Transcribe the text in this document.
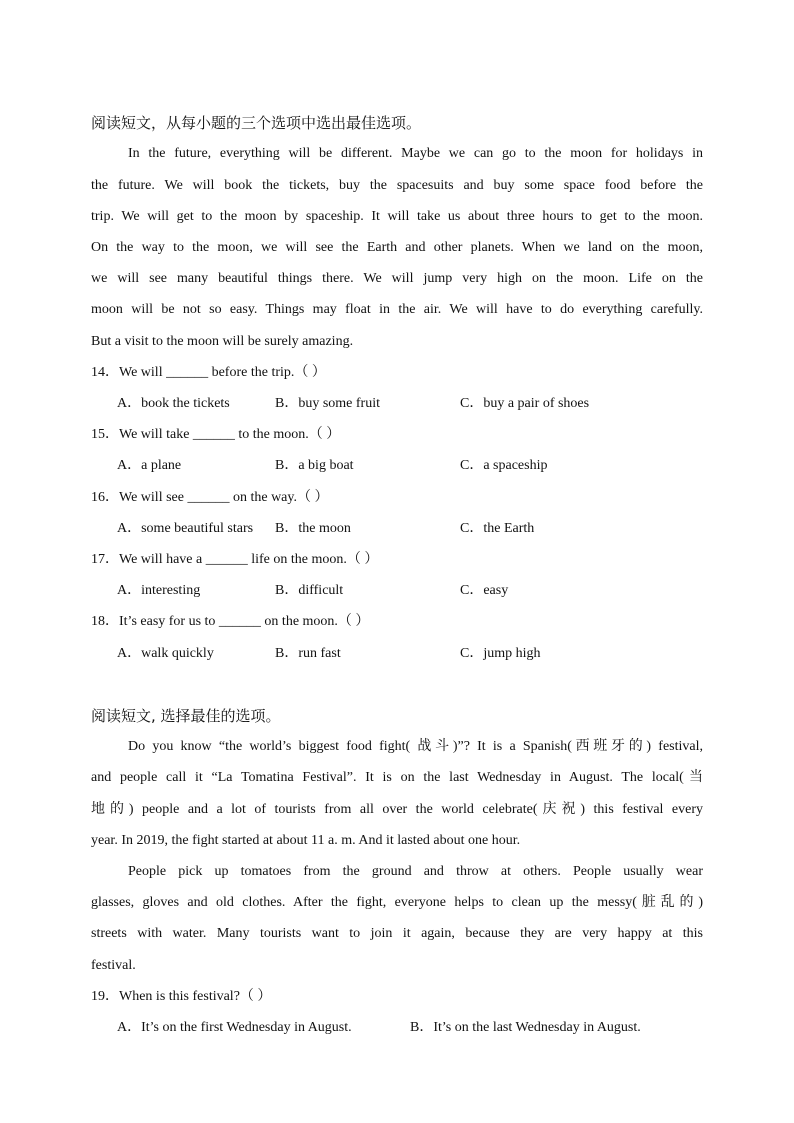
阅读短文，从每小题的三个选项中选出最佳选项。
In the future, everything will be different. Maybe we can go to the moon for holidays in
the future. We will book the tickets, buy the spacesuits and buy some space food before the
trip. We will get to the moon by spaceship. It will take us about three hours to get to the moon.
On the way to the moon, we will see the Earth and other planets. When we land on the moon,
we will see many beautiful things there. We will jump very high on the moon. Life on the
moon will be not so easy. Things may float in the air. We will have to do everything carefully.
But a visit to the moon will be surely amazing.
14．We will ______ before the trip.（ ）
A．book the tickets	B．buy some fruit	C．buy a pair of shoes
15．We will take ______ to the moon.（ ）
A．a plane	B．a big boat	C．a spaceship
16．We will see ______ on the way.（ ）
A．some beautiful stars B．the moon	C．the Earth
17．We will have a ______ life on the moon.（ ）
A．interesting	B．difficult	C．easy
18．It’s easy for us to ______ on the moon.（ ）
A．walk quickly	B．run fast	C．jump high
阅读短文, 选择最佳的选项。
Do you know “the world’s biggest food fight( 战斗)”? It is a Spanish(西班牙的) festival,
and people call it “La Tomatina Festival”. It is on the last Wednesday in August. The local(当
地的) people and a lot of tourists from all over the world celebrate(庆祝) this festival every
year. In 2019, the fight started at about 11 a. m. And it lasted about one hour.
People pick up tomatoes from the ground and throw at others. People usually wear
glasses, gloves and old clothes. After the fight, everyone helps to clean up the messy(脏乱的)
streets with water. Many tourists want to join it again, because they are very happy at this
festival.
19．When is this festival?（ ）
A．It’s on the first Wednesday in August.	B．It’s on the last Wednesday in August.
